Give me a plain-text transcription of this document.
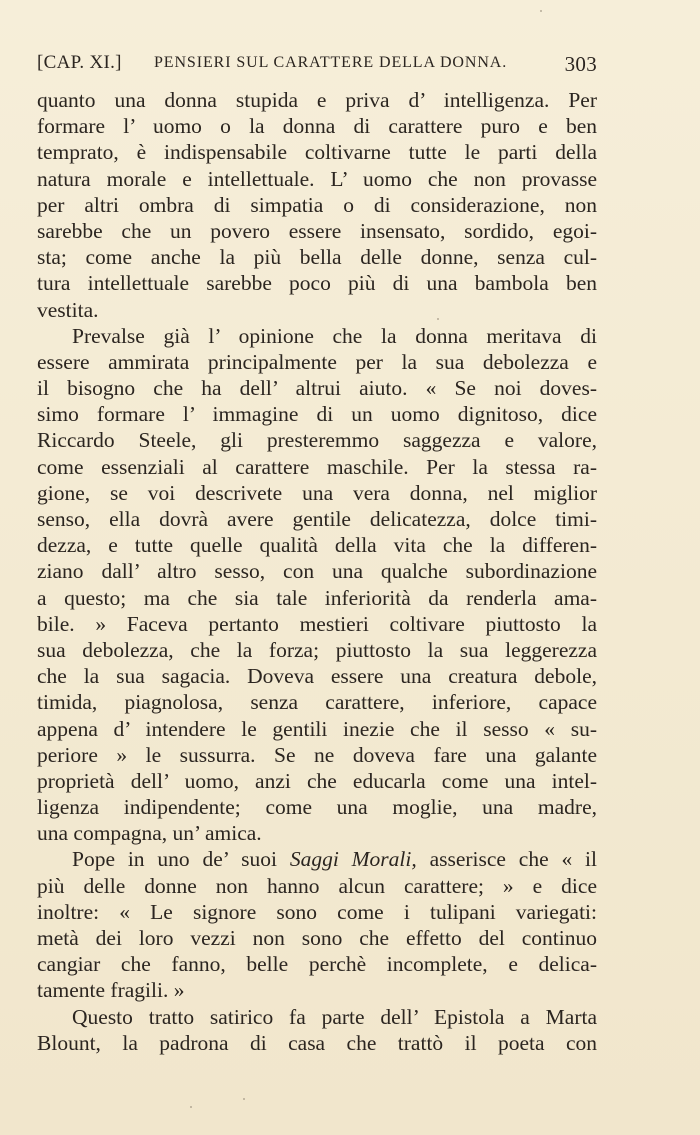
[CAP. XI.] PENSIERI SUL CARATTERE DELLA DONNA.	303
quanto una donna stupida e priva d’ intelligenza. Per
formare l’ uomo o la donna di carattere puro e ben
temprato, è indispensabile coltivarne tutte le parti della
natura morale e intellettuale. L’ uomo che non provasse
per altri ombra di simpatia o di considerazione, non
sarebbe che un povero essere insensato, sordido, egoi-
sta; come anche la più bella delle donne, senza cul-
tura intellettuale sarebbe poco più di una bambola ben
vestita.
Prevalse già l’ opinione che la donna meritava di
essere ammirata principalmente per la sua debolezza e
il bisogno che ha dell’ altrui aiuto. « Se noi doves-
simo formare l’ immagine di un uomo dignitoso, dice
Riccardo Steele, gli presteremmo saggezza e valore,
come essenziali al carattere maschile. Per la stessa ra-
gione, se voi descrivete una vera donna, nel miglior
senso, ella dovrà avere gentile delicatezza, dolce timi-
dezza, e tutte quelle qualità della vita che la differen-
ziano dall’ altro sesso, con una qualche subordinazione
a questo; ma che sia tale inferiorità da renderla ama-
bile. » Faceva pertanto mestieri coltivare piuttosto la
sua debolezza, che la forza; piuttosto la sua leggerezza
che la sua sagacia. Doveva essere una creatura debole,
timida, piagnolosa, senza carattere, inferiore, capace
appena d’ intendere le gentili inezie che il sesso « su-
periore » le sussurra. Se ne doveva fare una galante
proprietà dell’ uomo, anzi che educarla come una intel-
ligenza indipendente; come una moglie, una madre,
una compagna, un’ amica.
Pope in uno de’ suoi Saggi Morali, asserisce che « il
più delle donne non hanno alcun carattere; » e dice
inoltre: « Le signore sono come i tulipani variegati:
metà dei loro vezzi non sono che effetto del continuo
cangiar che fanno, belle perchè incomplete, e delica-
tamente fragili. »
Questo tratto satirico fa parte dell’ Epistola a Marta
Blount, la padrona di casa che trattò il poeta con
